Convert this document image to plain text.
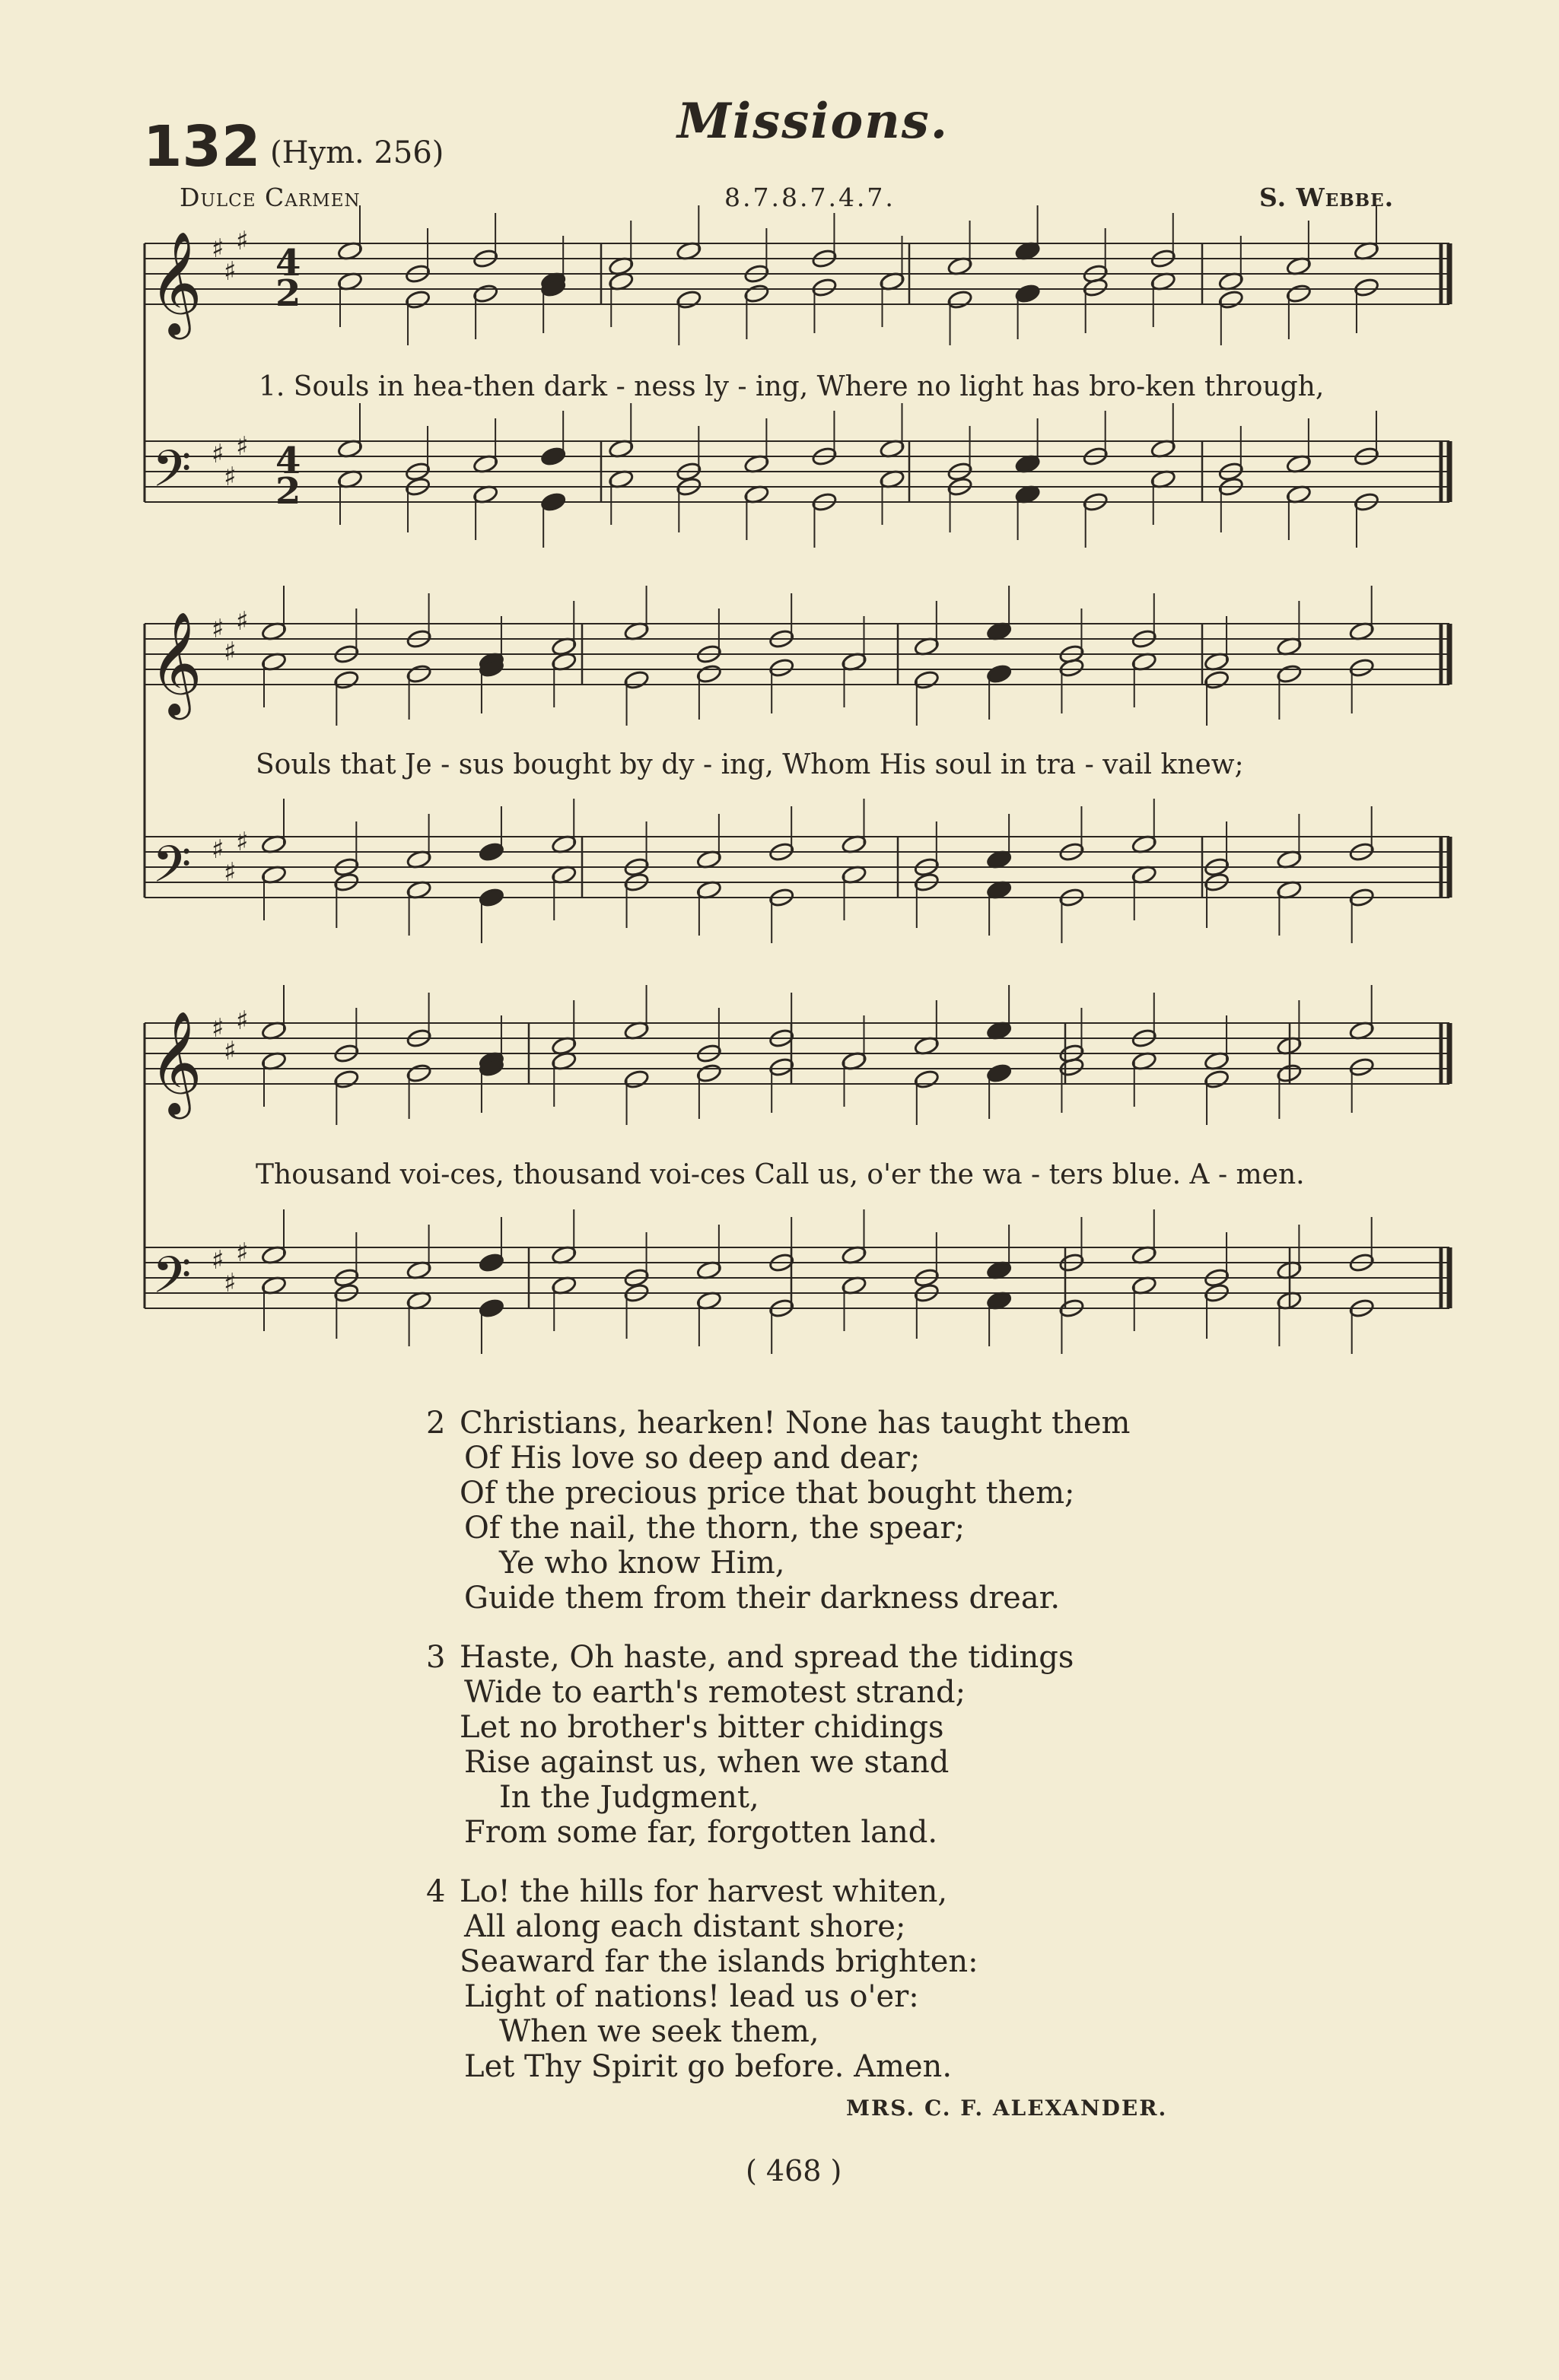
132 (Hym. 256)
Missions.
Dulce Carmen	8.7.8.7.4.7.	S. Webbe.
𝄞
𝄢
♯
♯
♯
♯
♯
♯
4
2
4
2
𝄞
𝄢
♯
♯
♯
♯
♯
♯
𝄞
𝄢
♯
♯
♯
♯
♯
♯
1. Souls in hea-then dark - ness ly - ing, Where no light has bro-ken through,
Souls that Je - sus bought by dy - ing, Whom His soul in tra - vail knew;
Thousand voi-ces, thousand voi-ces Call us, o'er the wa - ters blue. A - men.
2 Christians, hearken! None has taught them
Of His love so deep and dear;
Of the precious price that bought them;
Of the nail, the thorn, the spear;
Ye who know Him,
Guide them from their darkness drear.
3 Haste, Oh haste, and spread the tidings
Wide to earth's remotest strand;
Let no brother's bitter chidings
Rise against us, when we stand
In the Judgment,
From some far, forgotten land.
4 Lo! the hills for harvest whiten,
All along each distant shore;
Seaward far the islands brighten:
Light of nations! lead us o'er:
When we seek them,
Let Thy Spirit go before. Amen.
MRS. C. F. ALEXANDER.
( 468 )
